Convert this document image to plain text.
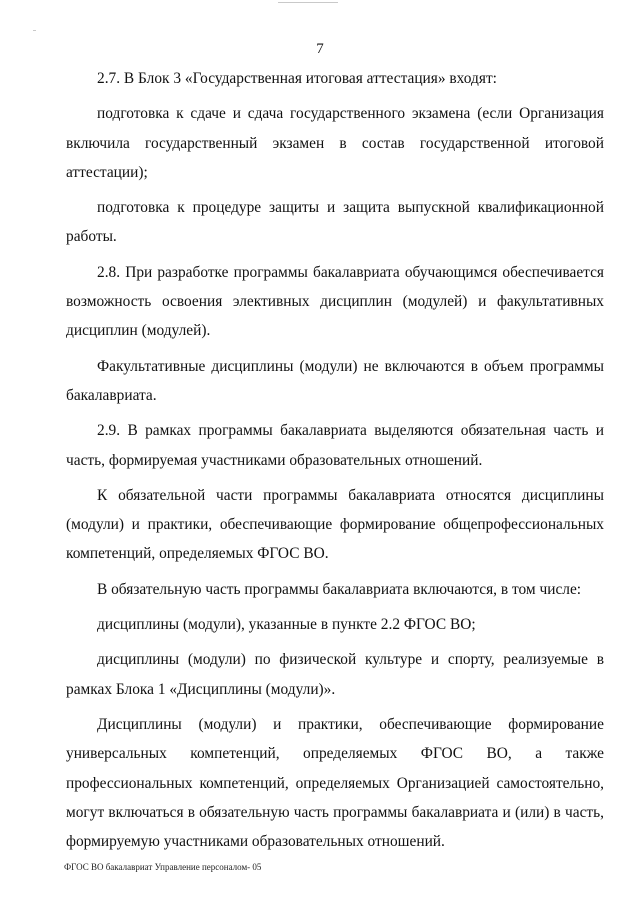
7

2.7. В Блок 3 «Государственная итоговая аттестация» входят:

подготовка к сдаче и сдача государственного экзамена (если Организация включила государственный экзамен в состав государственной итоговой аттестации);

подготовка к процедуре защиты и защита выпускной квалификационной работы.

2.8. При разработке программы бакалавриата обучающимся обеспечивается возможность освоения элективных дисциплин (модулей) и факультативных дисциплин (модулей).

Факультативные дисциплины (модули) не включаются в объем программы бакалавриата.

2.9. В рамках программы бакалавриата выделяются обязательная часть и часть, формируемая участниками образовательных отношений.

К обязательной части программы бакалавриата относятся дисциплины (модули) и практики, обеспечивающие формирование общепрофессиональных компетенций, определяемых ФГОС ВО.

В обязательную часть программы бакалавриата включаются, в том числе:

дисциплины (модули), указанные в пункте 2.2 ФГОС ВО;

дисциплины (модули) по физической культуре и спорту, реализуемые в рамках Блока 1 «Дисциплины (модули)».

Дисциплины (модули) и практики, обеспечивающие формирование универсальных компетенций, определяемых ФГОС ВО, а также профессиональных компетенций, определяемых Организацией самостоятельно, могут включаться в обязательную часть программы бакалавриата и (или) в часть, формируемую участниками образовательных отношений.

ФГОС ВО бакалавриат Управление персоналом- 05
